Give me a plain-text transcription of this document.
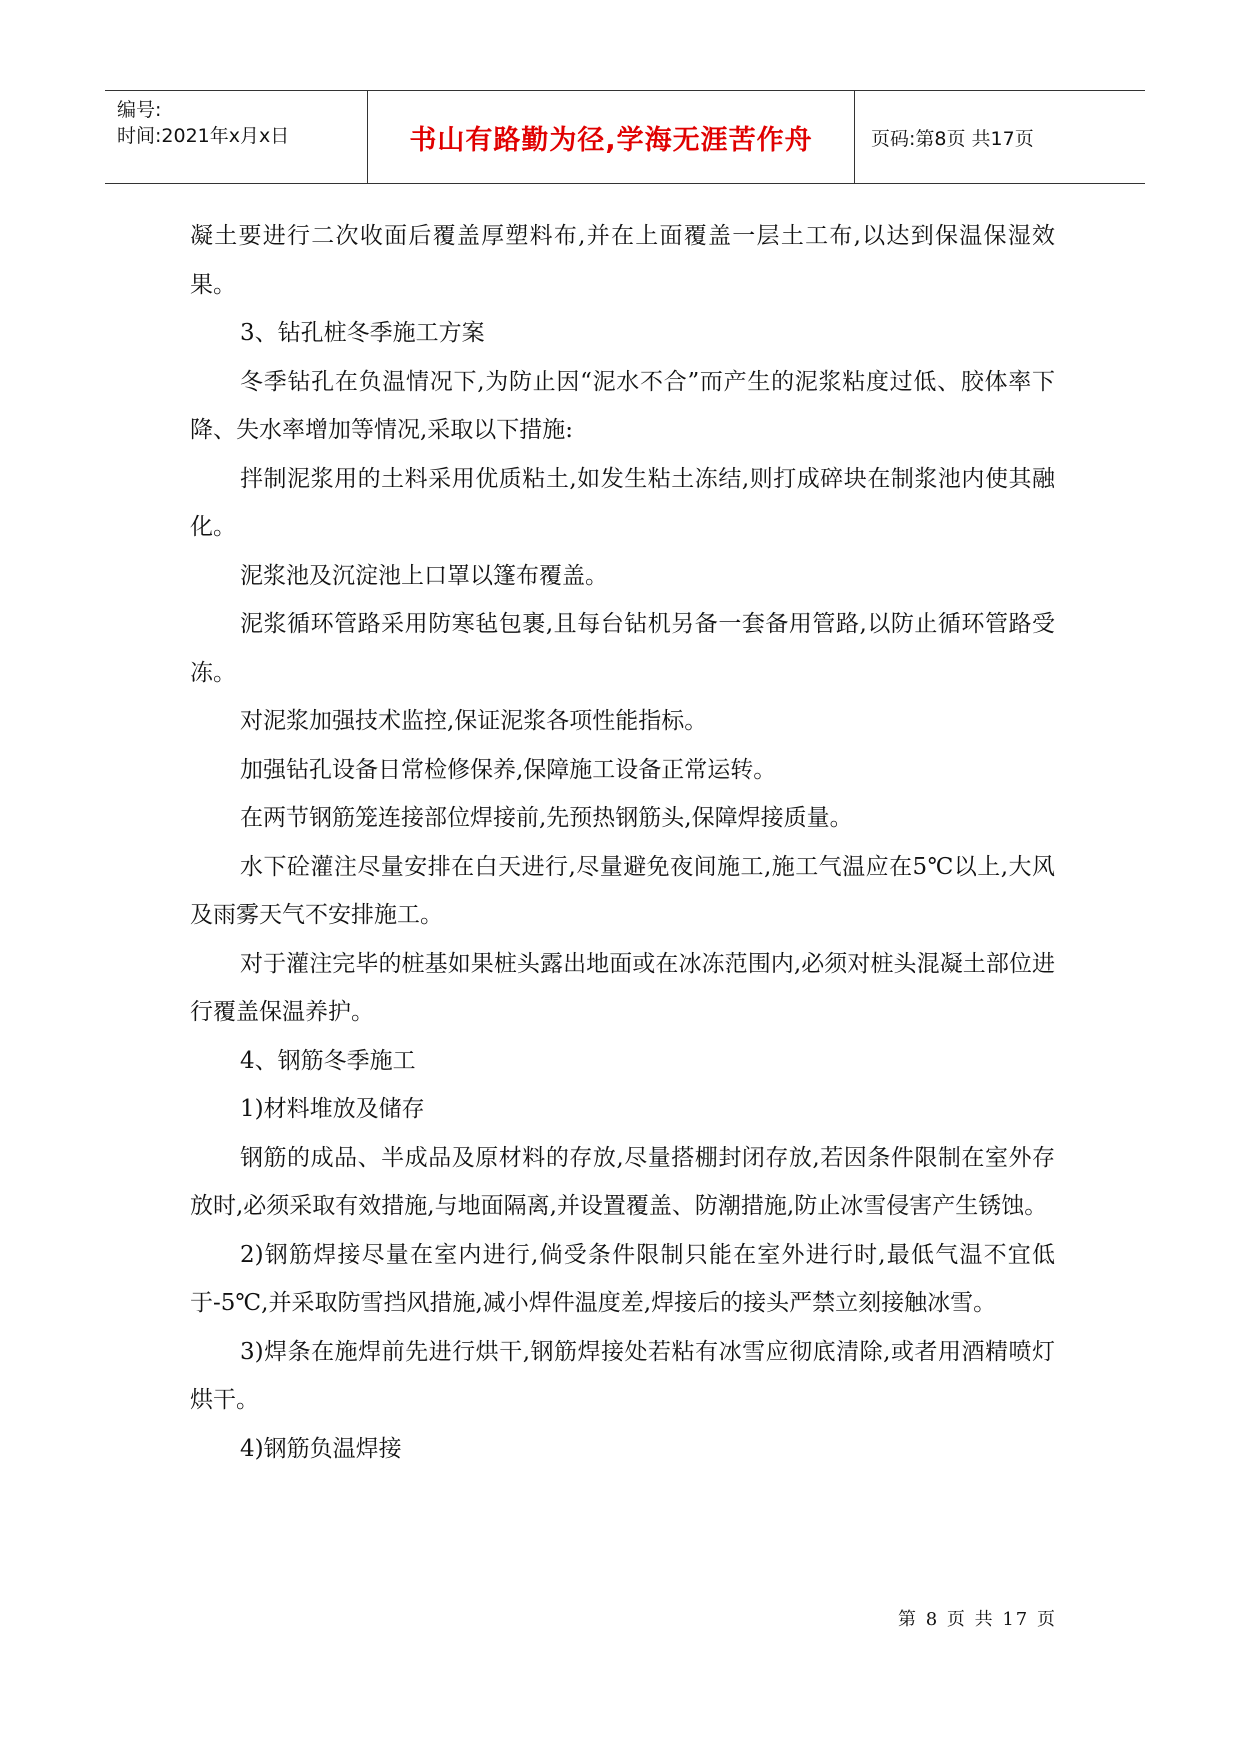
编号:
时间:2021年x月x日	书山有路勤为径,学海无涯苦作舟	页码:第8页 共17页

凝土要进行二次收面后覆盖厚塑料布,并在上面覆盖一层土工布,以达到保温保湿效果。

3、钻孔桩冬季施工方案

冬季钻孔在负温情况下,为防止因“泥水不合”而产生的泥浆粘度过低、胶体率下降、失水率增加等情况,采取以下措施:

拌制泥浆用的土料采用优质粘土,如发生粘土冻结,则打成碎块在制浆池内使其融化。

泥浆池及沉淀池上口罩以篷布覆盖。

泥浆循环管路采用防寒毡包裹,且每台钻机另备一套备用管路,以防止循环管路受冻。

对泥浆加强技术监控,保证泥浆各项性能指标。

加强钻孔设备日常检修保养,保障施工设备正常运转。

在两节钢筋笼连接部位焊接前,先预热钢筋头,保障焊接质量。

水下砼灌注尽量安排在白天进行,尽量避免夜间施工,施工气温应在5℃以上,大风及雨雾天气不安排施工。

对于灌注完毕的桩基如果桩头露出地面或在冰冻范围内,必须对桩头混凝土部位进行覆盖保温养护。

4、钢筋冬季施工

1)材料堆放及储存

钢筋的成品、半成品及原材料的存放,尽量搭棚封闭存放,若因条件限制在室外存放时,必须采取有效措施,与地面隔离,并设置覆盖、防潮措施,防止冰雪侵害产生锈蚀。

2)钢筋焊接尽量在室内进行,倘受条件限制只能在室外进行时,最低气温不宜低于-5℃,并采取防雪挡风措施,减小焊件温度差,焊接后的接头严禁立刻接触冰雪。

3)焊条在施焊前先进行烘干,钢筋焊接处若粘有冰雪应彻底清除,或者用酒精喷灯烘干。

4)钢筋负温焊接

第 8 页 共 17 页
